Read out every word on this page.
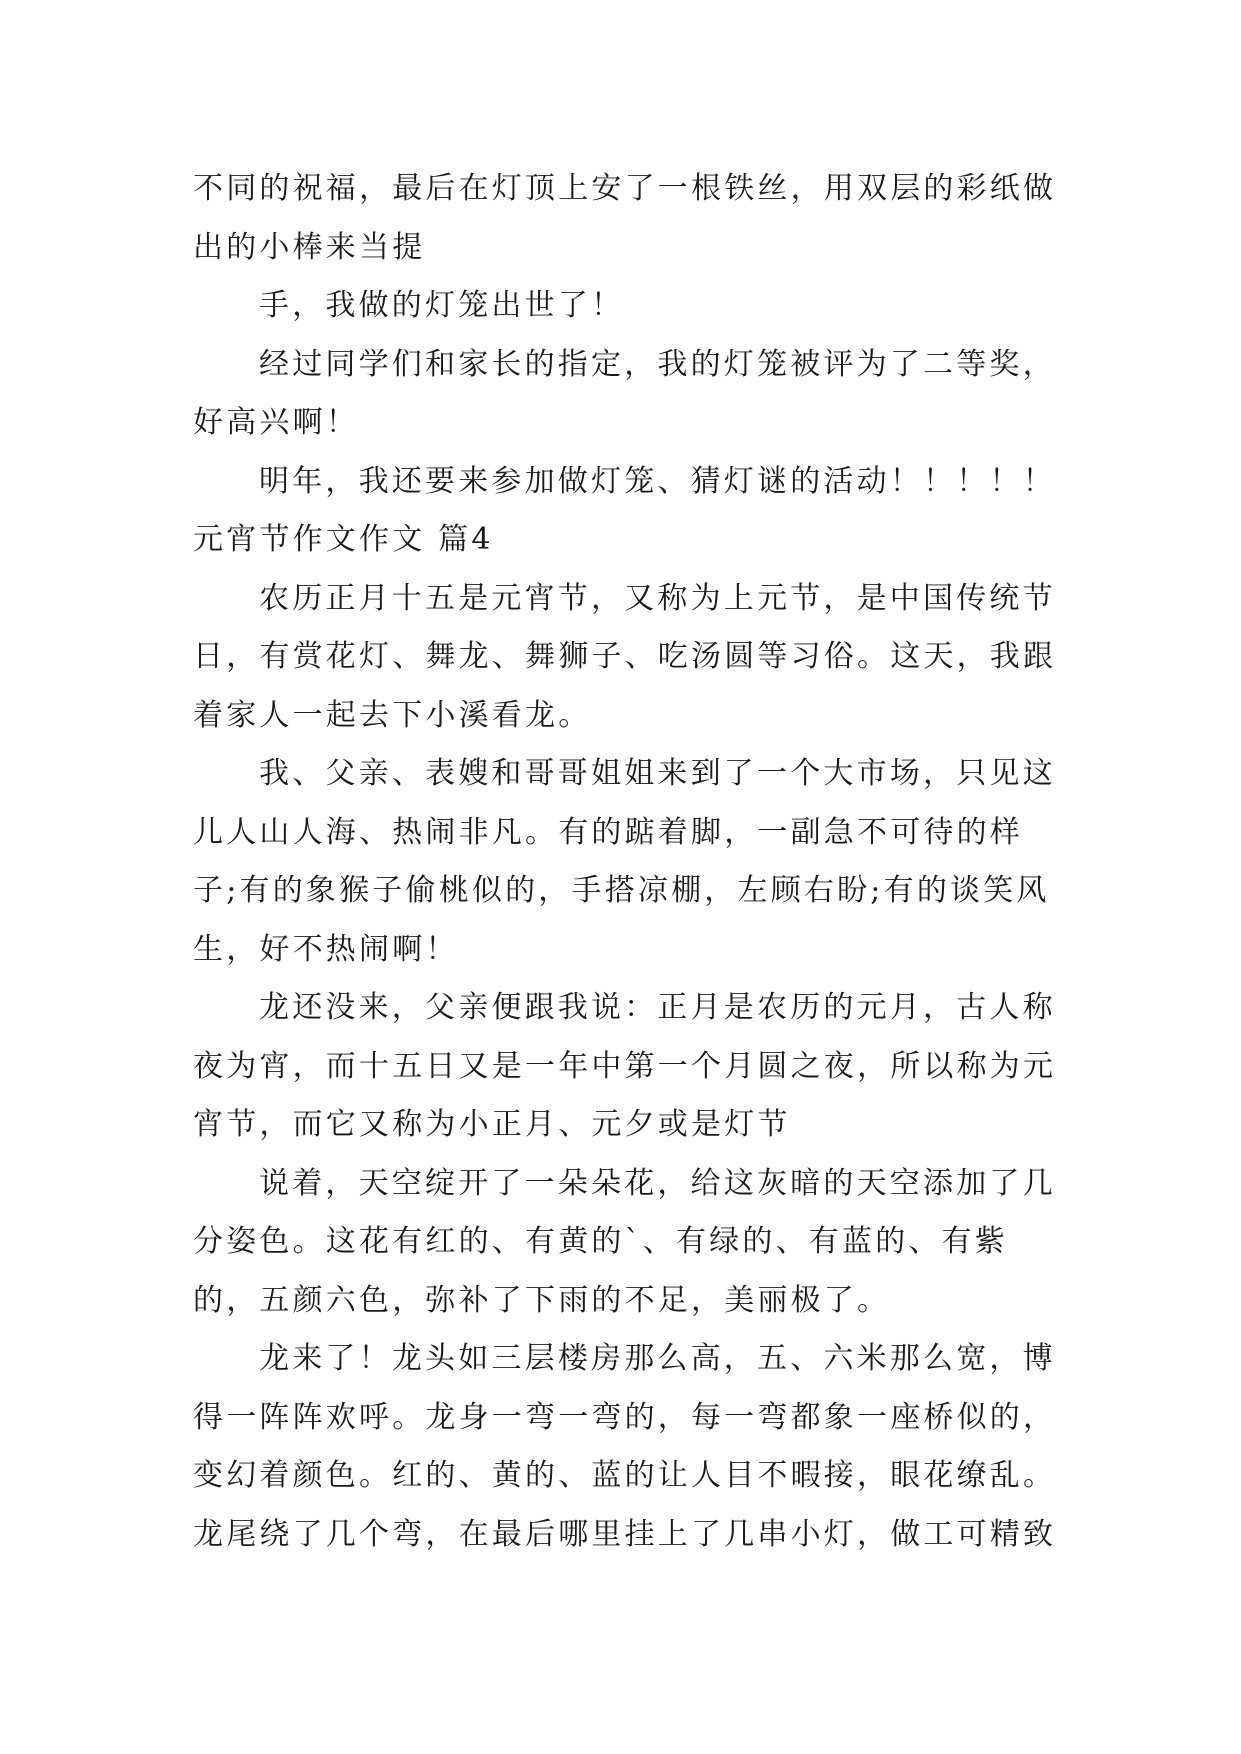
不同的祝福，最后在灯顶上安了一根铁丝，用双层的彩纸做出的小棒来当提

手，我做的灯笼出世了！

经过同学们和家长的指定，我的灯笼被评为了二等奖，好高兴啊！

明年，我还要来参加做灯笼、猜灯谜的活动！！！！！

元宵节作文作文 篇4

农历正月十五是元宵节，又称为上元节，是中国传统节日，有赏花灯、舞龙、舞狮子、吃汤圆等习俗。这天，我跟着家人一起去下小溪看龙。

我、父亲、表嫂和哥哥姐姐来到了一个大市场，只见这儿人山人海、热闹非凡。有的踮着脚，一副急不可待的样子;有的象猴子偷桃似的，手搭凉棚，左顾右盼;有的谈笑风生，好不热闹啊！

龙还没来，父亲便跟我说：正月是农历的元月，古人称夜为宵，而十五日又是一年中第一个月圆之夜，所以称为元宵节，而它又称为小正月、元夕或是灯节

说着，天空绽开了一朵朵花，给这灰暗的天空添加了几分姿色。这花有红的、有黄的`、有绿的、有蓝的、有紫的，五颜六色，弥补了下雨的不足，美丽极了。

龙来了！龙头如三层楼房那么高，五、六米那么宽，博得一阵阵欢呼。龙身一弯一弯的，每一弯都象一座桥似的，变幻着颜色。红的、黄的、蓝的让人目不暇接，眼花缭乱。龙尾绕了几个弯，在最后哪里挂上了几串小灯，做工可精致
